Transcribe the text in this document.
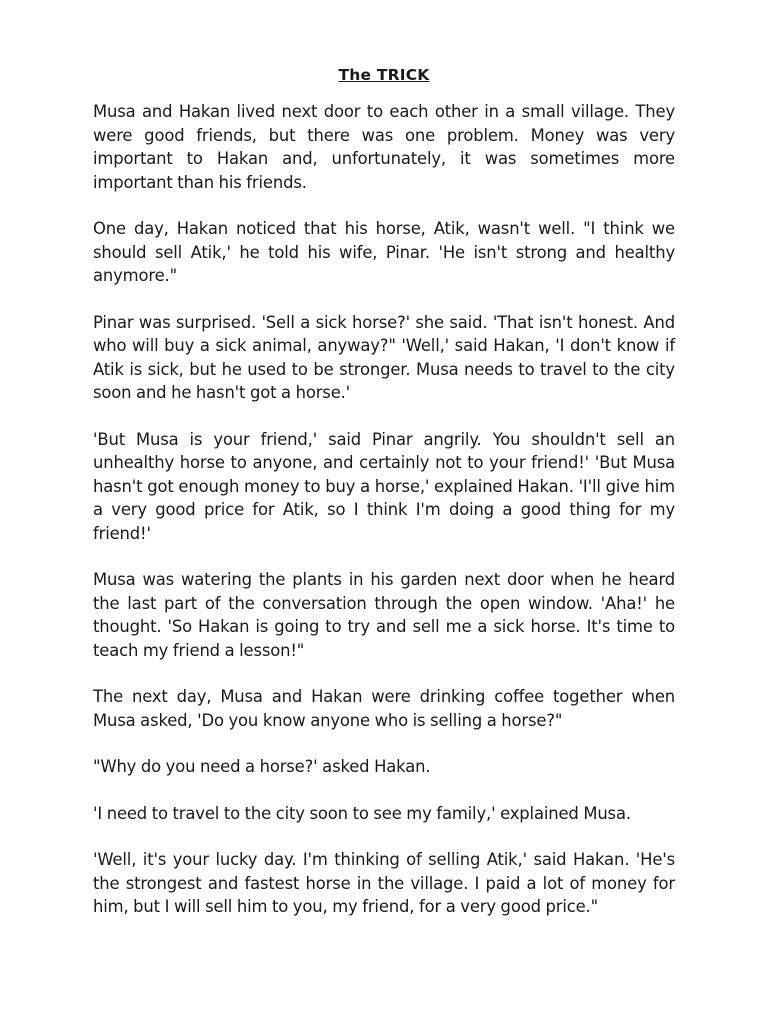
The TRICK

Musa and Hakan lived next door to each other in a small village. They were good friends, but there was one problem. Money was very important to Hakan and, unfortunately, it was sometimes more important than his friends.

One day, Hakan noticed that his horse, Atik, wasn't well. "I think we should sell Atik,' he told his wife, Pinar. 'He isn't strong and healthy anymore."

Pinar was surprised. 'Sell a sick horse?' she said. 'That isn't honest. And who will buy a sick animal, anyway?" 'Well,' said Hakan, 'I don't know if Atik is sick, but he used to be stronger. Musa needs to travel to the city soon and he hasn't got a horse.'

'But Musa is your friend,' said Pinar angrily. You shouldn't sell an unhealthy horse to anyone, and certainly not to your friend!' 'But Musa hasn't got enough money to buy a horse,' explained Hakan. 'I'll give him a very good price for Atik, so I think I'm doing a good thing for my friend!'

Musa was watering the plants in his garden next door when he heard the last part of the conversation through the open window. 'Aha!' he thought. 'So Hakan is going to try and sell me a sick horse. It's time to teach my friend a lesson!"

The next day, Musa and Hakan were drinking coffee together when Musa asked, 'Do you know anyone who is selling a horse?"

"Why do you need a horse?' asked Hakan.

'I need to travel to the city soon to see my family,' explained Musa.

'Well, it's your lucky day. I'm thinking of selling Atik,' said Hakan. 'He's the strongest and fastest horse in the village. I paid a lot of money for him, but I will sell him to you, my friend, for a very good price."
